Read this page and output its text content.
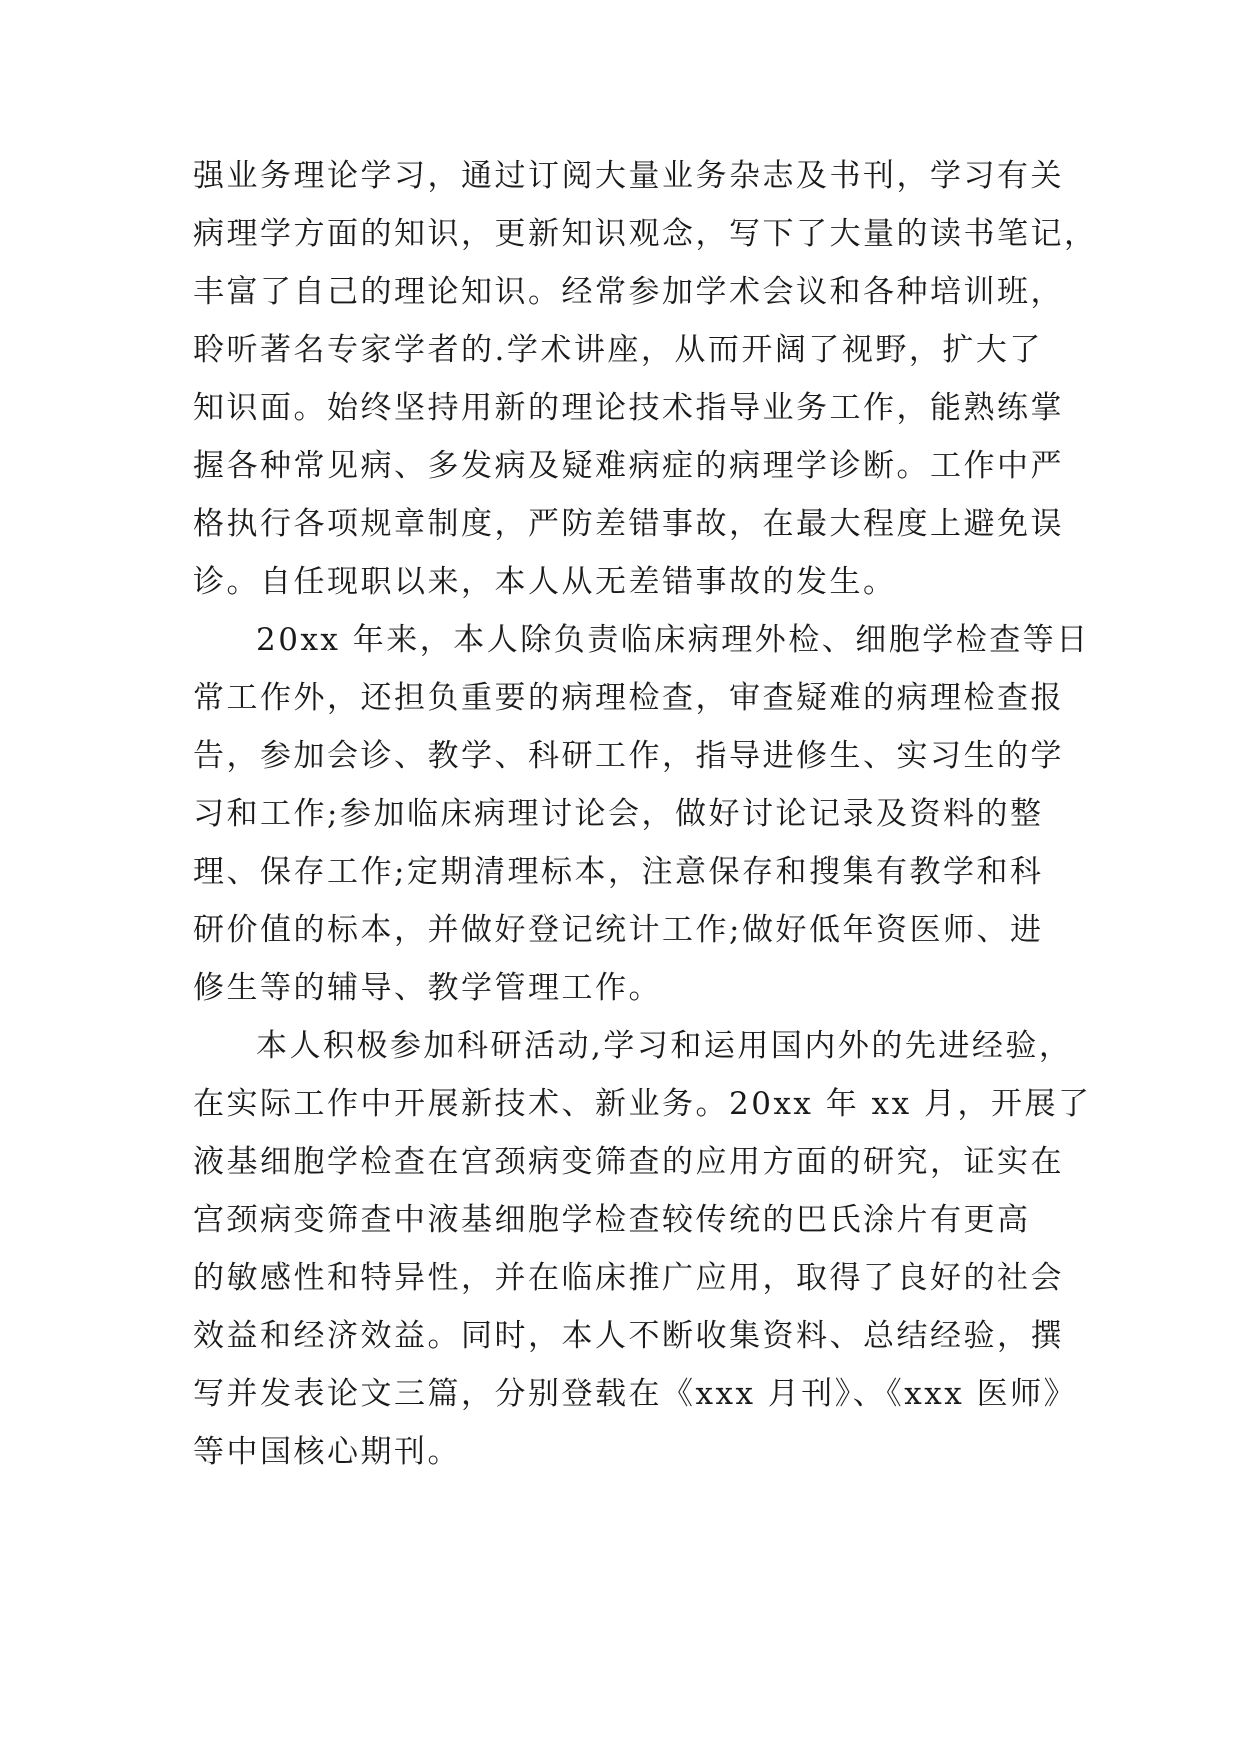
强业务理论学习，通过订阅大量业务杂志及书刊，学习有关
病理学方面的知识，更新知识观念，写下了大量的读书笔记，
丰富了自己的理论知识。经常参加学术会议和各种培训班，
聆听著名专家学者的.学术讲座，从而开阔了视野，扩大了
知识面。始终坚持用新的理论技术指导业务工作，能熟练掌
握各种常见病、多发病及疑难病症的病理学诊断。工作中严
格执行各项规章制度，严防差错事故，在最大程度上避免误
诊。自任现职以来，本人从无差错事故的发生。
20xx 年来，本人除负责临床病理外检、细胞学检查等日
常工作外，还担负重要的病理检查，审查疑难的病理检查报
告，参加会诊、教学、科研工作，指导进修生、实习生的学
习和工作;参加临床病理讨论会，做好讨论记录及资料的整
理、保存工作;定期清理标本，注意保存和搜集有教学和科
研价值的标本，并做好登记统计工作;做好低年资医师、进
修生等的辅导、教学管理工作。
本人积极参加科研活动,学习和运用国内外的先进经验，
在实际工作中开展新技术、新业务。20xx 年 xx 月，开展了
液基细胞学检查在宫颈病变筛查的应用方面的研究，证实在
宫颈病变筛查中液基细胞学检查较传统的巴氏涂片有更高
的敏感性和特异性，并在临床推广应用，取得了良好的社会
效益和经济效益。同时，本人不断收集资料、总结经验，撰
写并发表论文三篇，分别登载在《xxx 月刊》、《xxx 医师》
等中国核心期刊。
